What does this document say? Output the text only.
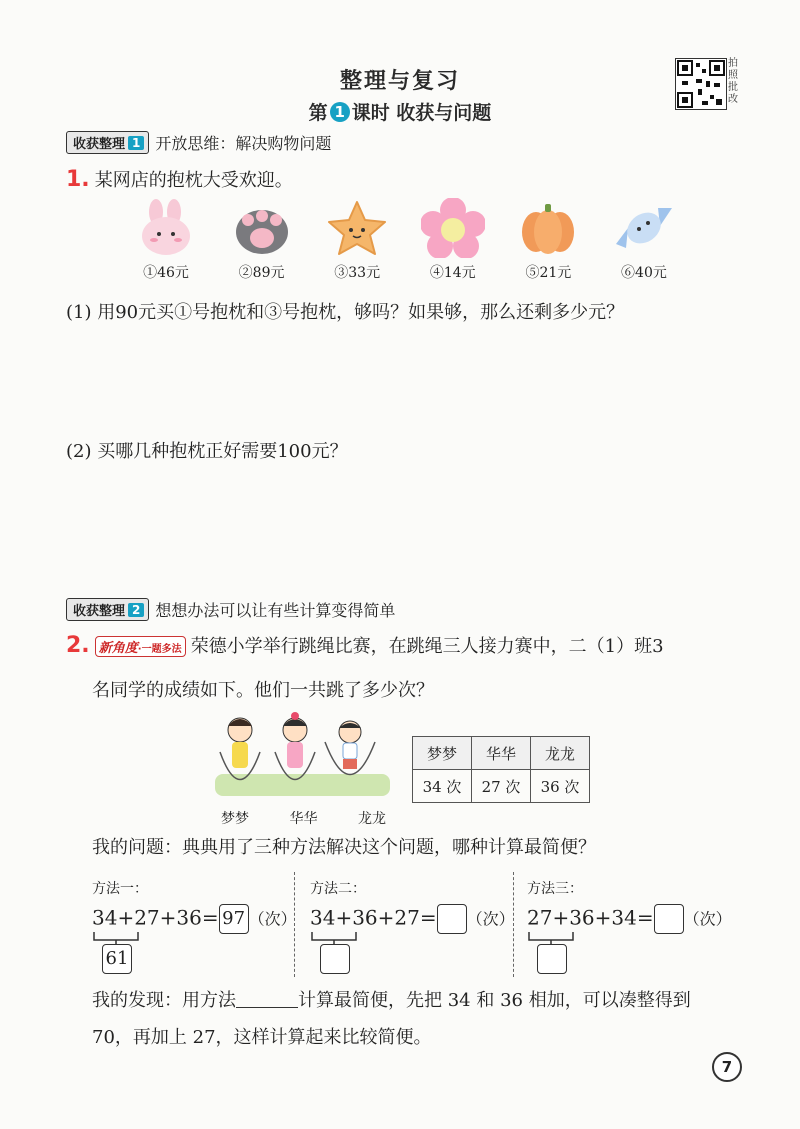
整理与复习
第 1 课时 收获与问题
拍照批改
收获整理 1 开放思维：解决购物问题
1. 某网店的抱枕大受欢迎。
①46元	②89元	③33元	④14元	⑤21元	⑥40元
(1) 用90元买①号抱枕和③号抱枕，够吗？如果够，那么还剩多少元？
(2) 买哪几种抱枕正好需要100元？
收获整理 2 想想办法可以让有些计算变得简单
2. 新角度·一题多法 荣德小学举行跳绳比赛，在跳绳三人接力赛中，二（1）班3
名同学的成绩如下。他们一共跳了多少次？
梦梦	华华	龙龙
梦梦	华华	龙龙
34 次	27 次	36 次
我的问题：典典用了三种方法解决这个问题，哪种计算最简便？
方法一：	方法二：	方法三：
34+27+36= 97 （次） 34+36+27= （次） 27+36+34= （次）
61
我的发现：用方法	计算最简便，先把 34 和 36 相加，可以凑整得到
70，再加上 27，这样计算起来比较简便。
7
